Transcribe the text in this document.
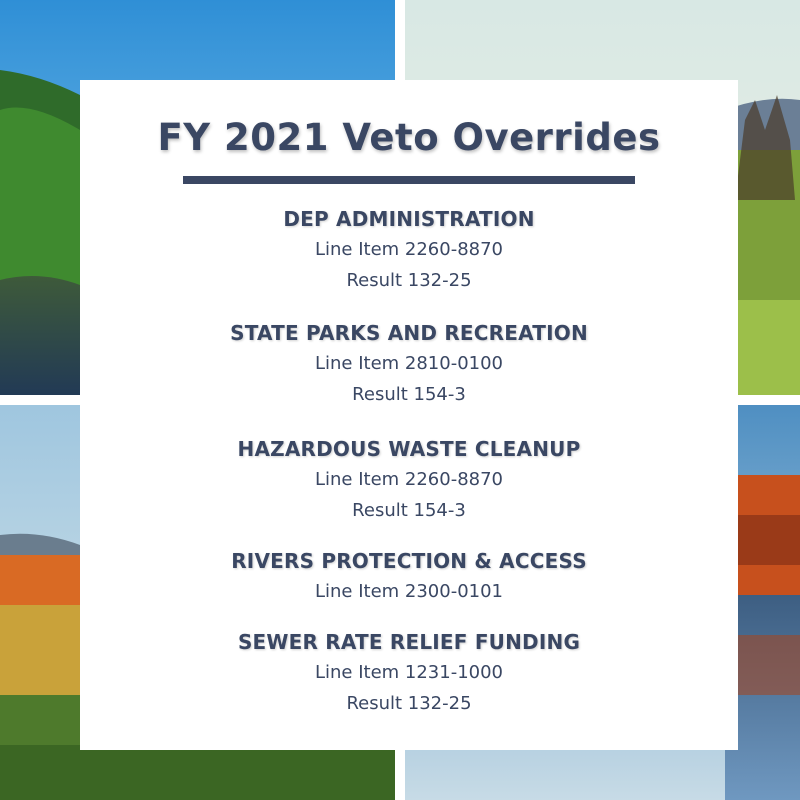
FY 2021 Veto Overrides
DEP ADMINISTRATION
Line Item 2260-8870
Result 132-25
STATE PARKS AND RECREATION
Line Item 2810-0100
Result 154-3
HAZARDOUS WASTE CLEANUP
Line Item 2260-8870
Result 154-3
RIVERS PROTECTION & ACCESS
Line Item 2300-0101
SEWER RATE RELIEF FUNDING
Line Item 1231-1000
Result 132-25
